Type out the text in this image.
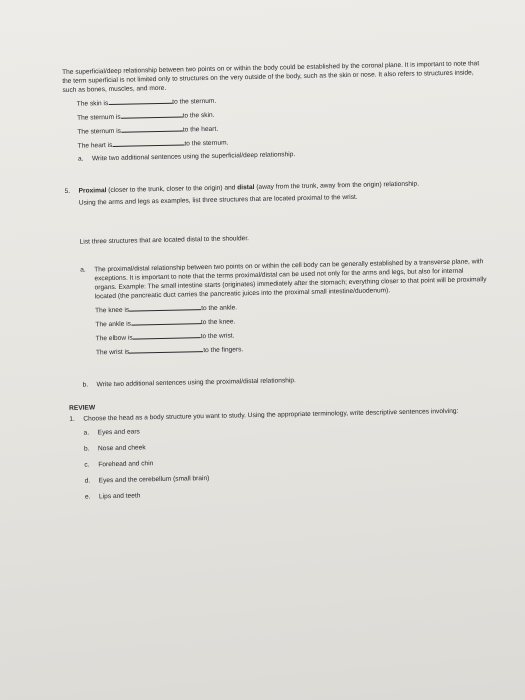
The superficial/deep relationship between two points on or within the body could be established by the coronal plane. It is important to note that the term superficial is not limited only to structures on the very outside of the body, such as the skin or nose. It also refers to structures inside, such as bones, muscles, and more.

The skin is	to the sternum.
The sternum is	to the skin.
The sternum is	to the heart.
The heart is	to the sternum.
a.	Write two additional sentences using the superficial/deep relationship.
5.	Proximal (closer to the trunk, closer to the origin) and distal (away from the trunk, away from the origin) relationship.

Using the arms and legs as examples, list three structures that are located proximal to the wrist.

List three structures that are located distal to the shoulder.

a.	The proximal/distal relationship between two points on or within the cell body can be generally established by a transverse plane, with exceptions. It is important to note that the terms proximal/distal can be used not only for the arms and legs, but also for internal organs. Example: The small intestine starts (originates) immediately after the stomach; everything closer to that point will be proximally located (the pancreatic duct carries the pancreatic juices into the proximal small intestine/duodenum).
The knee is	to the ankle.
The ankle is	to the knee.
The elbow is	to the wrist.
The wrist is	to the fingers.
b.	Write two additional sentences using the proximal/distal relationship.
REVIEW
1.	Choose the head as a body structure you want to study. Using the appropriate terminology, write descriptive sentences involving:
a.	Eyes and ears
b.	Nose and cheek
c.	Forehead and chin
d.	Eyes and the cerebellum (small brain)
e.	Lips and teeth
